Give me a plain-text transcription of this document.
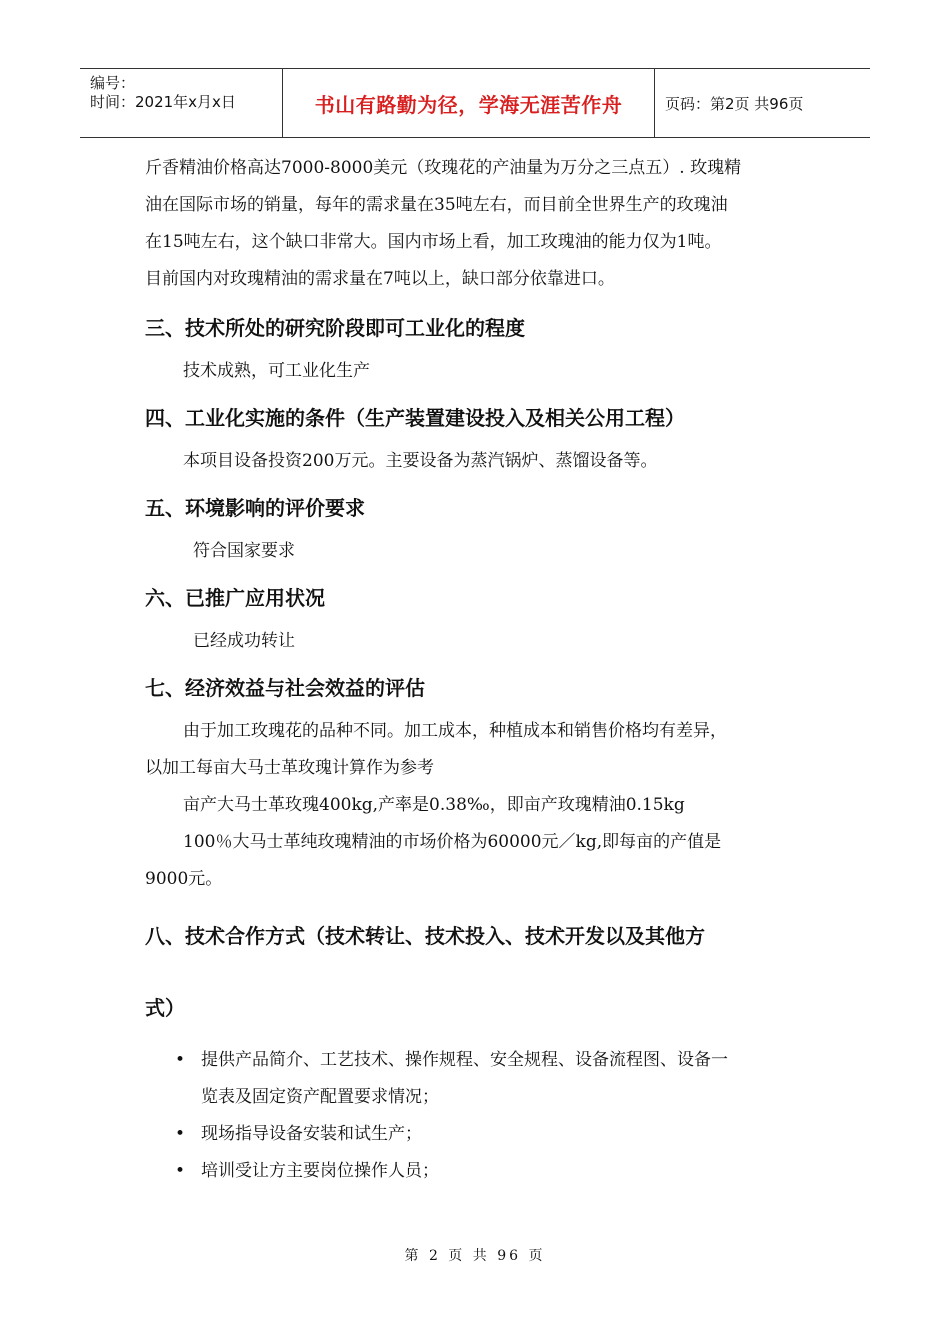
编号：
时间：2021年x月x日	书山有路勤为径，学海无涯苦作舟	页码：第2页 共96页

斤香精油价格高达7000-8000美元（玫瑰花的产油量为万分之三点五）. 玫瑰精

油在国际市场的销量，每年的需求量在35吨左右，而目前全世界生产的玫瑰油

在15吨左右，这个缺口非常大。国内市场上看，加工玫瑰油的能力仅为1吨。

目前国内对玫瑰精油的需求量在7吨以上，缺口部分依靠进口。

三、技术所处的研究阶段即可工业化的程度

技术成熟，可工业化生产

四、工业化实施的条件（生产装置建设投入及相关公用工程）

本项目设备投资200万元。主要设备为蒸汽锅炉、蒸馏设备等。

五、环境影响的评价要求

符合国家要求

六、已推广应用状况

已经成功转让

七、经济效益与社会效益的评估

由于加工玫瑰花的品种不同。加工成本，种植成本和销售价格均有差异，

以加工每亩大马士革玫瑰计算作为参考

亩产大马士革玫瑰400kg,产率是0.38‰，即亩产玫瑰精油0.15kg

100％大马士革纯玫瑰精油的市场价格为60000元／kg,即每亩的产值是

9000元。

八、技术合作方式（技术转让、技术投入、技术开发以及其他方
式）
• 提供产品简介、工艺技术、操作规程、安全规程、设备流程图、设备一
览表及固定资产配置要求情况；
• 现场指导设备安装和试生产；
• 培训受让方主要岗位操作人员；
第 2 页 共 96 页
